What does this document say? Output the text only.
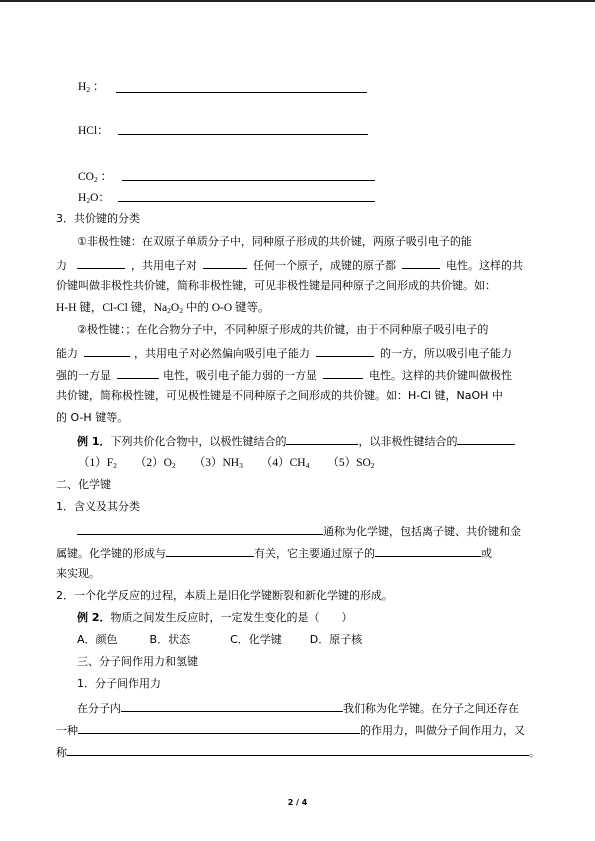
$H_2$ ：
HCl：
$CO_2$ ：
$H_2O$：
3．共价键的分类
①非极性键：在双原子单质分子中，同种原子形成的共价键，两原子吸引电子的能
力	，共用电子对	任何一个原子，成键的原子都	电性。这样的共
价键叫做非极性共价键，简称非极性键，可见非极性键是同种原子之间形成的共价键。如：
H-H 键，Cl-Cl 键，$Na_2O_2$ 中的 O-O 键等。
②极性键：；在化合物分子中，不同种原子形成的共价键，由于不同种原子吸引电子的
能力	，共用电子对必然偏向吸引电子能力	的一方，所以吸引电子能力
强的一方显	电性，吸引电子能力弱的一方显	电性。这样的共价键叫做极性
共价键，简称极性键，可见极性键是不同种原子之间形成的共价键。如：H-Cl 键，NaOH 中
的 O-H 键等。
例 1．下列共价化合物中，以极性键结合的	，以非极性键结合的
$(1)F_2$ $(2)O_2$ $(3)NH_3$ $(4)CH_4$ $(5)SO_2$
二、化学键
1．含义及其分类
通称为化学键，包括离子键、共价键和金
属键。化学键的形成与	有关，它主要通过原子的	或
来实现。
2．一个化学反应的过程，本质上是旧化学键断裂和新化学键的形成。
例 2．物质之间发生反应时，一定发生变化的是（　　）
A．颜色	B．状态	C．化学键	D．原子核
三、分子间作用力和氢键
1．分子间作用力
在分子内	我们称为化学键。在分子之间还存在
一种	的作用力，叫做分子间作用力，又
称	。
2 / 4
